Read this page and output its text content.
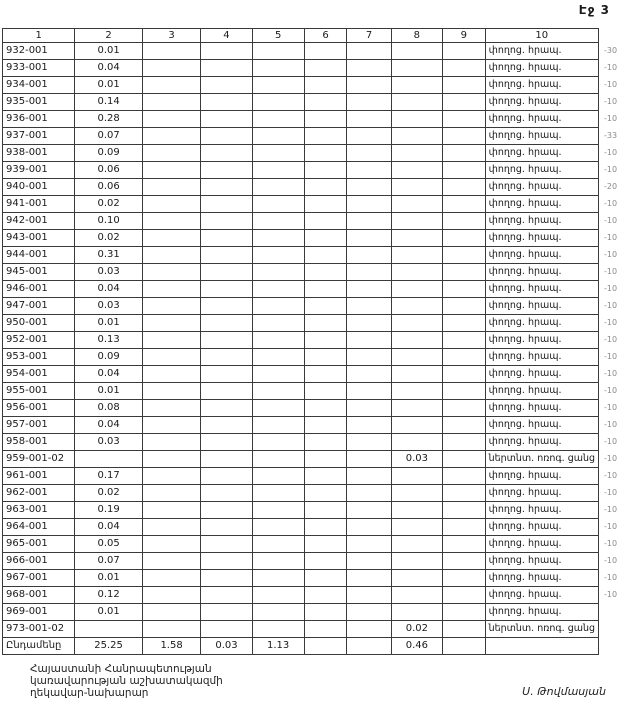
Էջ 3
1	2	3	4	5	6	7	8	9	10	
932-001	0.01								փողոց. հրապ.	-30
933-001	0.04								փողոց. հրապ.	-10
934-001	0.01								փողոց. հրապ.	-10
935-001	0.14								փողոց. հրապ.	-10
936-001	0.28								փողոց. հրապ.	-10
937-001	0.07								փողոց. հրապ.	-33
938-001	0.09								փողոց. հրապ.	-10
939-001	0.06								փողոց. հրապ.	-10
940-001	0.06								փողոց. հրապ.	-20
941-001	0.02								փողոց. հրապ.	-10
942-001	0.10								փողոց. հրապ.	-10
943-001	0.02								փողոց. հրապ.	-10
944-001	0.31								փողոց. հրապ.	-10
945-001	0.03								փողոց. հրապ.	-10
946-001	0.04								փողոց. հրապ.	-10
947-001	0.03								փողոց. հրապ.	-10
950-001	0.01								փողոց. հրապ.	-10
952-001	0.13								փողոց. հրապ.	-10
953-001	0.09								փողոց. հրապ.	-10
954-001	0.04								փողոց. հրապ.	-10
955-001	0.01								փողոց. հրապ.	-10
956-001	0.08								փողոց. հրապ.	-10
957-001	0.04								փողոց. հրապ.	-10
958-001	0.03								փողոց. հրապ.	-10
959-001-02							0.03		ներտնտ. ոռոգ. ցանց	-10
961-001	0.17								փողոց. հրապ.	-10
962-001	0.02								փողոց. հրապ.	-10
963-001	0.19								փողոց. հրապ.	-10
964-001	0.04								փողոց. հրապ.	-10
965-001	0.05								փողոց. հրապ.	-10
966-001	0.07								փողոց. հրապ.	-10
967-001	0.01								փողոց. հրապ.	-10
968-001	0.12								փողոց. հրապ.	-10
969-001	0.01								փողոց. հրապ.	
973-001-02							0.02		ներտնտ. ոռոգ. ցանց	
Ընդամենը	25.25	1.58	0.03	1.13			0.46			
Հայաստանի Հանրապետության
կառավարության աշխատակազմի
ղեկավար-նախարար	Ս. Թովմասյան
